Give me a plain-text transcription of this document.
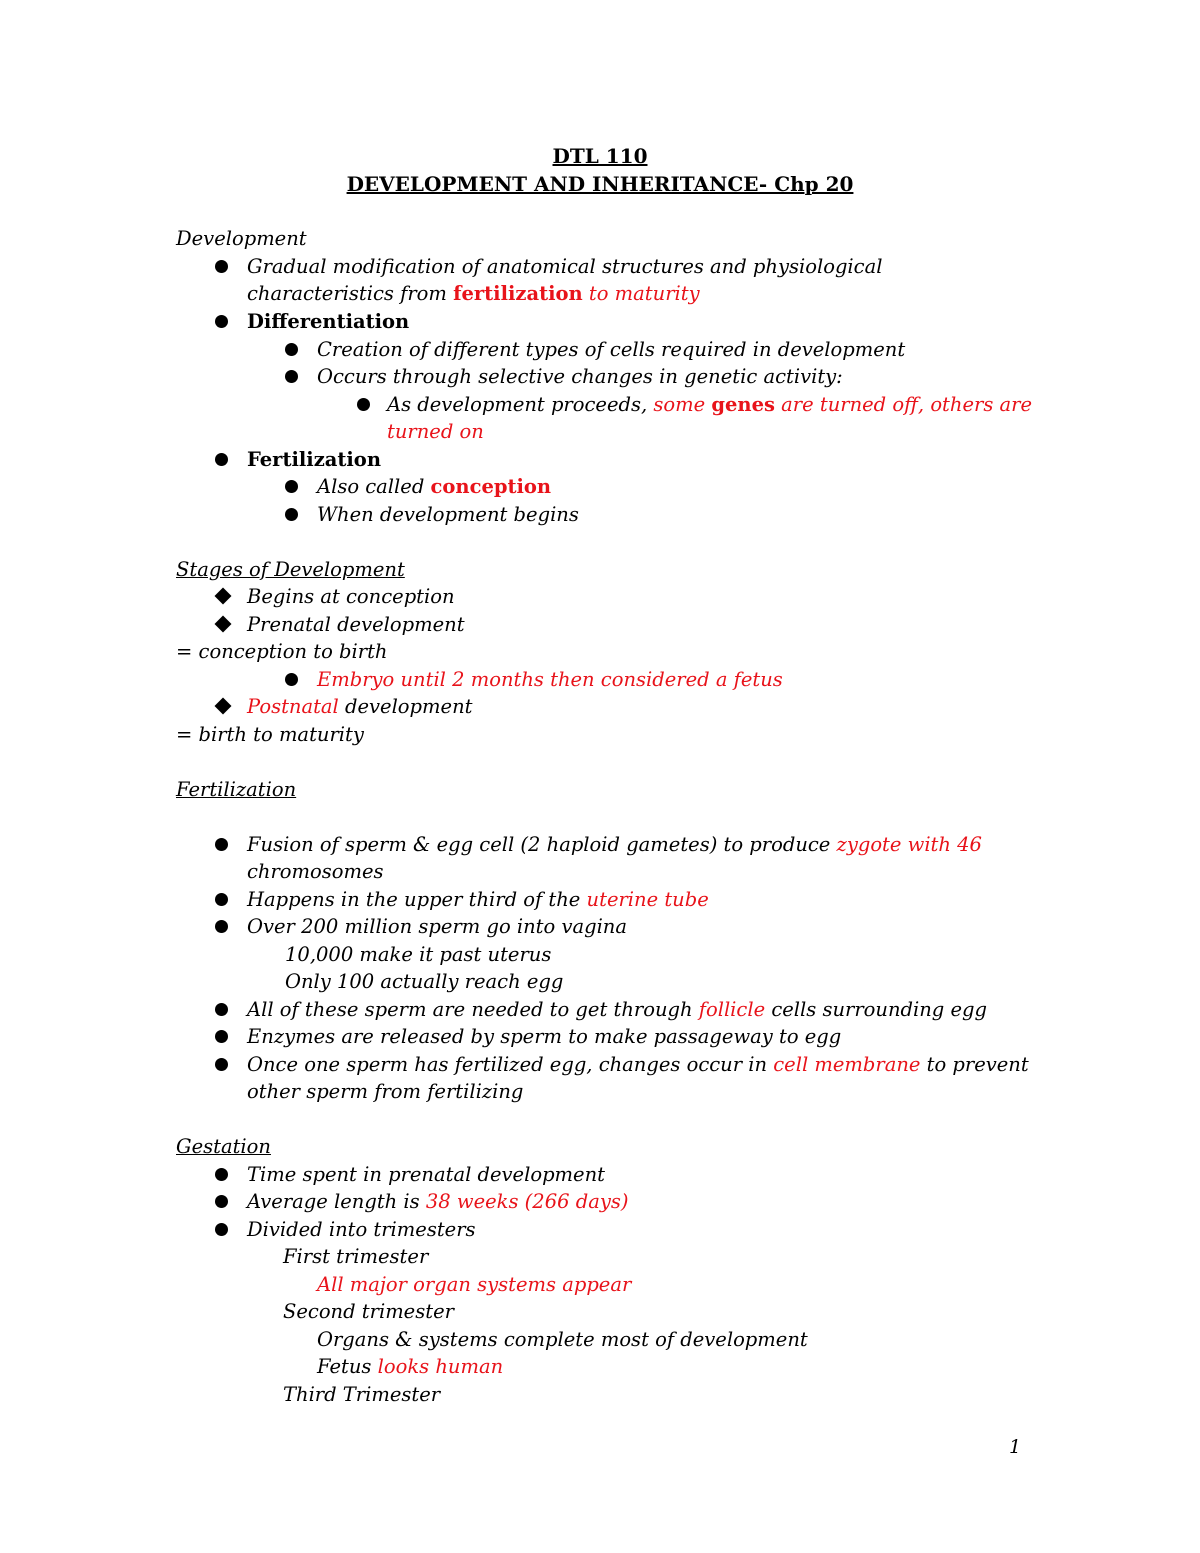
DTL 110
DEVELOPMENT AND INHERITANCE- Chp 20
Development
Gradual modification of anatomical structures and physiological
characteristics from fertilization to maturity
Differentiation
Creation of different types of cells required in development
Occurs through selective changes in genetic activity:
As development proceeds, some genes are turned off, others are
turned on
Fertilization
Also called conception
When development begins
Stages of Development
Begins at conception
Prenatal development
= conception to birth
Embryo until 2 months then considered a fetus
Postnatal development
= birth to maturity
Fertilization
Fusion of sperm & egg cell (2 haploid gametes) to produce zygote with 46
chromosomes
Happens in the upper third of the uterine tube
Over 200 million sperm go into vagina
10,000 make it past uterus
Only 100 actually reach egg
All of these sperm are needed to get through follicle cells surrounding egg
Enzymes are released by sperm to make passageway to egg
Once one sperm has fertilized egg, changes occur in cell membrane to prevent
other sperm from fertilizing
Gestation
Time spent in prenatal development
Average length is 38 weeks (266 days)
Divided into trimesters
First trimester
All major organ systems appear
Second trimester
Organs & systems complete most of development
Fetus looks human
Third Trimester
1
